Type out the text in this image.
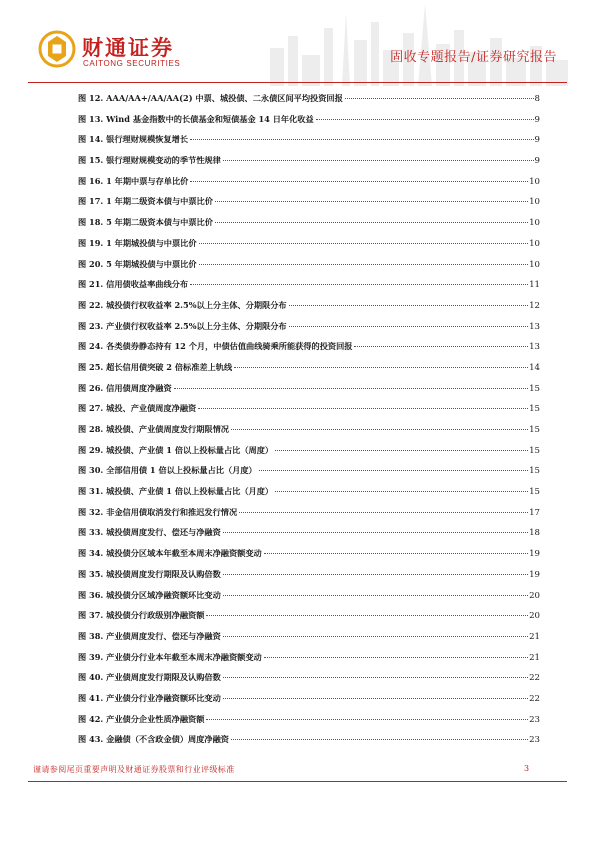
财通证券
CAITONG SECURITIES	固收专题报告/证券研究报告
图 12. AAA/AA+/AA/AA(2) 中票、城投债、二永债区间平均投资回报	8
图 13. Wind 基金指数中的长债基金和短债基金 14 日年化收益	9
图 14. 银行理财规模恢复增长	9
图 15. 银行理财规模变动的季节性规律	9
图 16. 1 年期中票与存单比价	10
图 17. 1 年期二级资本债与中票比价	10
图 18. 5 年期二级资本债与中票比价	10
图 19. 1 年期城投债与中票比价	10
图 20. 5 年期城投债与中票比价	10
图 21. 信用债收益率曲线分布	11
图 22. 城投债行权收益率 2.5%以上分主体、分期限分布	12
图 23. 产业债行权收益率 2.5%以上分主体、分期限分布	13
图 24. 各类债券静态持有 12 个月，中债估值曲线骑乘所能获得的投资回报	13
图 25. 超长信用债突破 2 倍标准差上轨线	14
图 26. 信用债周度净融资	15
图 27. 城投、产业债周度净融资	15
图 28. 城投债、产业债周度发行期限情况	15
图 29. 城投债、产业债 1 倍以上投标量占比（周度）	15
图 30. 全部信用债 1 倍以上投标量占比（月度）	15
图 31. 城投债、产业债 1 倍以上投标量占比（月度）	15
图 32. 非金信用债取消发行和推迟发行情况	17
图 33. 城投债周度发行、偿还与净融资	18
图 34. 城投债分区域本年截至本周末净融资额变动	19
图 35. 城投债周度发行期限及认购倍数	19
图 36. 城投债分区域净融资额环比变动	20
图 37. 城投债分行政级别净融资额	20
图 38. 产业债周度发行、偿还与净融资	21
图 39. 产业债分行业本年截至本周末净融资额变动	21
图 40. 产业债周度发行期限及认购倍数	22
图 41. 产业债分行业净融资额环比变动	22
图 42. 产业债分企业性质净融资额	23
图 43. 金融债（不含政金债）周度净融资	23
谨请参阅尾页重要声明及财通证券股票和行业评级标准	3
